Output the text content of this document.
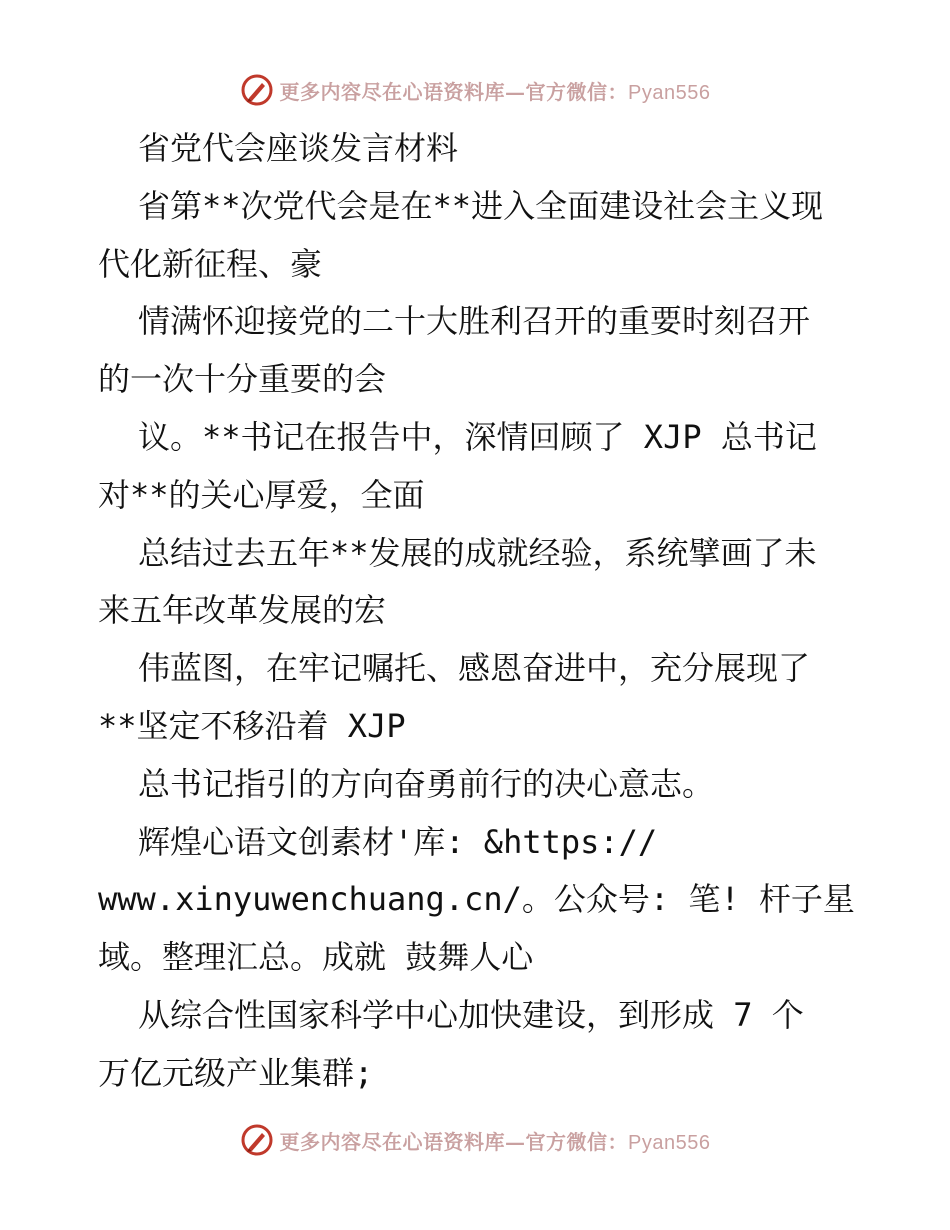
更多内容尽在心语资料库—官方微信：Pyan556
省党代会座谈发言材料
省第**次党代会是在**进入全面建设社会主义现
代化新征程、豪
情满怀迎接党的二十大胜利召开的重要时刻召开
的一次十分重要的会
议。**书记在报告中，深情回顾了 XJP 总书记
对**的关心厚爱，全面
总结过去五年**发展的成就经验，系统擘画了未
来五年改革发展的宏
伟蓝图，在牢记嘱托、感恩奋进中，充分展现了
**坚定不移沿着 XJP
总书记指引的方向奋勇前行的决心意志。
辉煌心语文创素材'库: &https://
www.xinyuwenchuang.cn/。公众号: 笔! 杆子星
域。整理汇总。成就 鼓舞人心
从综合性国家科学中心加快建设，到形成 7 个
万亿元级产业集群;
更多内容尽在心语资料库—官方微信：Pyan556
